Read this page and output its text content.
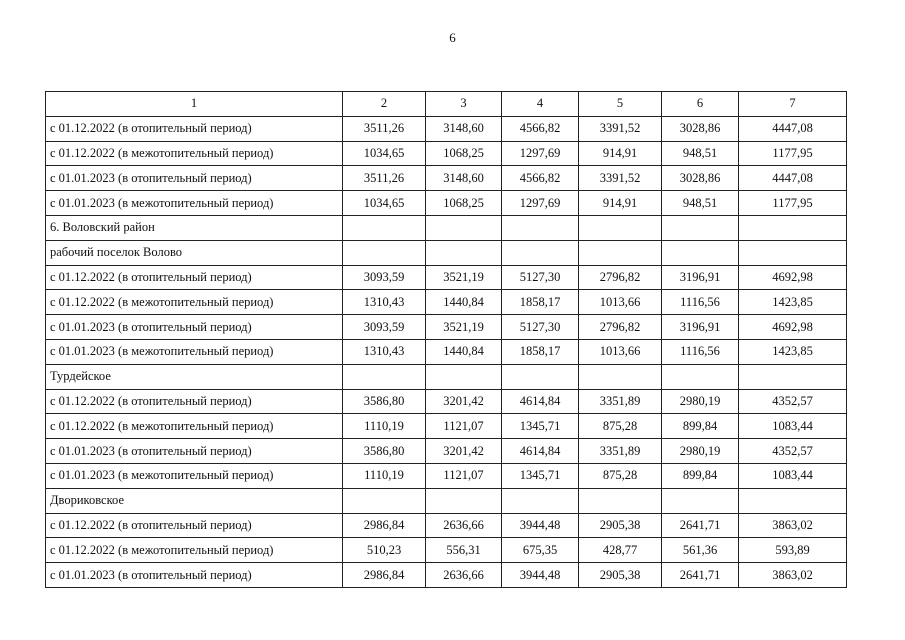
6
1	2	3	4	5	6	7
с 01.12.2022 (в отопительный период)	3511,26	3148,60	4566,82	3391,52	3028,86	4447,08
с 01.12.2022 (в межотопительный период)	1034,65	1068,25	1297,69	914,91	948,51	1177,95
с 01.01.2023 (в отопительный период)	3511,26	3148,60	4566,82	3391,52	3028,86	4447,08
с 01.01.2023 (в межотопительный период)	1034,65	1068,25	1297,69	914,91	948,51	1177,95
6. Воловский район						
рабочий поселок Волово						
с 01.12.2022 (в отопительный период)	3093,59	3521,19	5127,30	2796,82	3196,91	4692,98
с 01.12.2022 (в межотопительный период)	1310,43	1440,84	1858,17	1013,66	1116,56	1423,85
с 01.01.2023 (в отопительный период)	3093,59	3521,19	5127,30	2796,82	3196,91	4692,98
с 01.01.2023 (в межотопительный период)	1310,43	1440,84	1858,17	1013,66	1116,56	1423,85
Турдейское						
с 01.12.2022 (в отопительный период)	3586,80	3201,42	4614,84	3351,89	2980,19	4352,57
с 01.12.2022 (в межотопительный период)	1110,19	1121,07	1345,71	875,28	899,84	1083,44
с 01.01.2023 (в отопительный период)	3586,80	3201,42	4614,84	3351,89	2980,19	4352,57
с 01.01.2023 (в межотопительный период)	1110,19	1121,07	1345,71	875,28	899,84	1083,44
Двориковское						
с 01.12.2022 (в отопительный период)	2986,84	2636,66	3944,48	2905,38	2641,71	3863,02
с 01.12.2022 (в межотопительный период)	510,23	556,31	675,35	428,77	561,36	593,89
с 01.01.2023 (в отопительный период)	2986,84	2636,66	3944,48	2905,38	2641,71	3863,02
